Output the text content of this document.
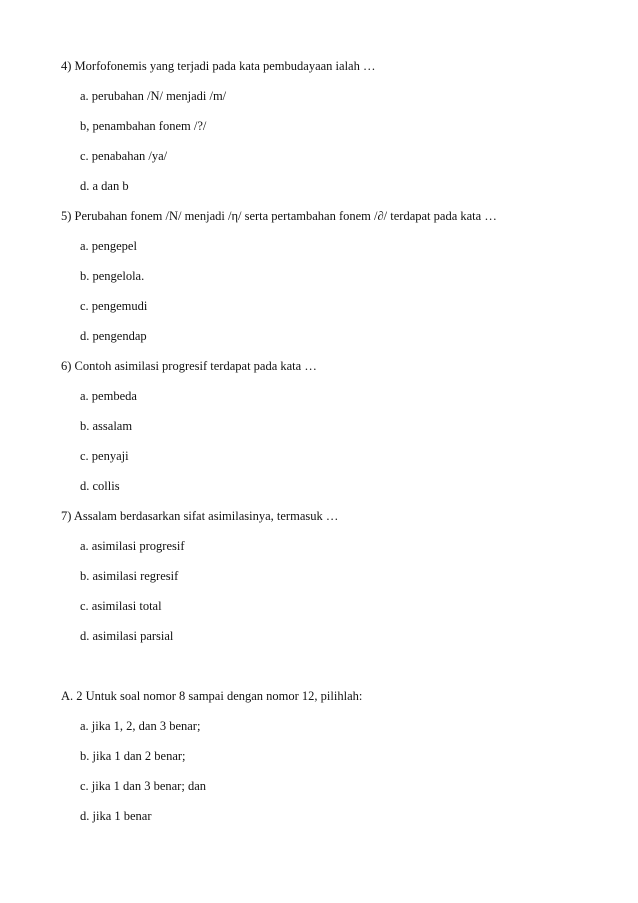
4) Morfofonemis yang terjadi pada kata pembudayaan ialah …
a. perubahan /N/ menjadi /m/
b, penambahan fonem /?/
c. penabahan /ya/
d. a dan b
5) Perubahan fonem /N/ menjadi /η/ serta pertambahan fonem /∂/ terdapat pada kata …
a. pengepel
b. pengelola.
c. pengemudi
d. pengendap
6) Contoh asimilasi progresif terdapat pada kata …
a. pembeda
b. assalam
c. penyaji
d. collis
7) Assalam berdasarkan sifat asimilasinya, termasuk …
a. asimilasi progresif
b. asimilasi regresif
c. asimilasi total
d. asimilasi parsial
A. 2 Untuk soal nomor 8 sampai dengan nomor 12, pilihlah:
a. jika 1, 2, dan 3 benar;
b. jika 1 dan 2 benar;
c. jika 1 dan 3 benar; dan
d. jika 1 benar
